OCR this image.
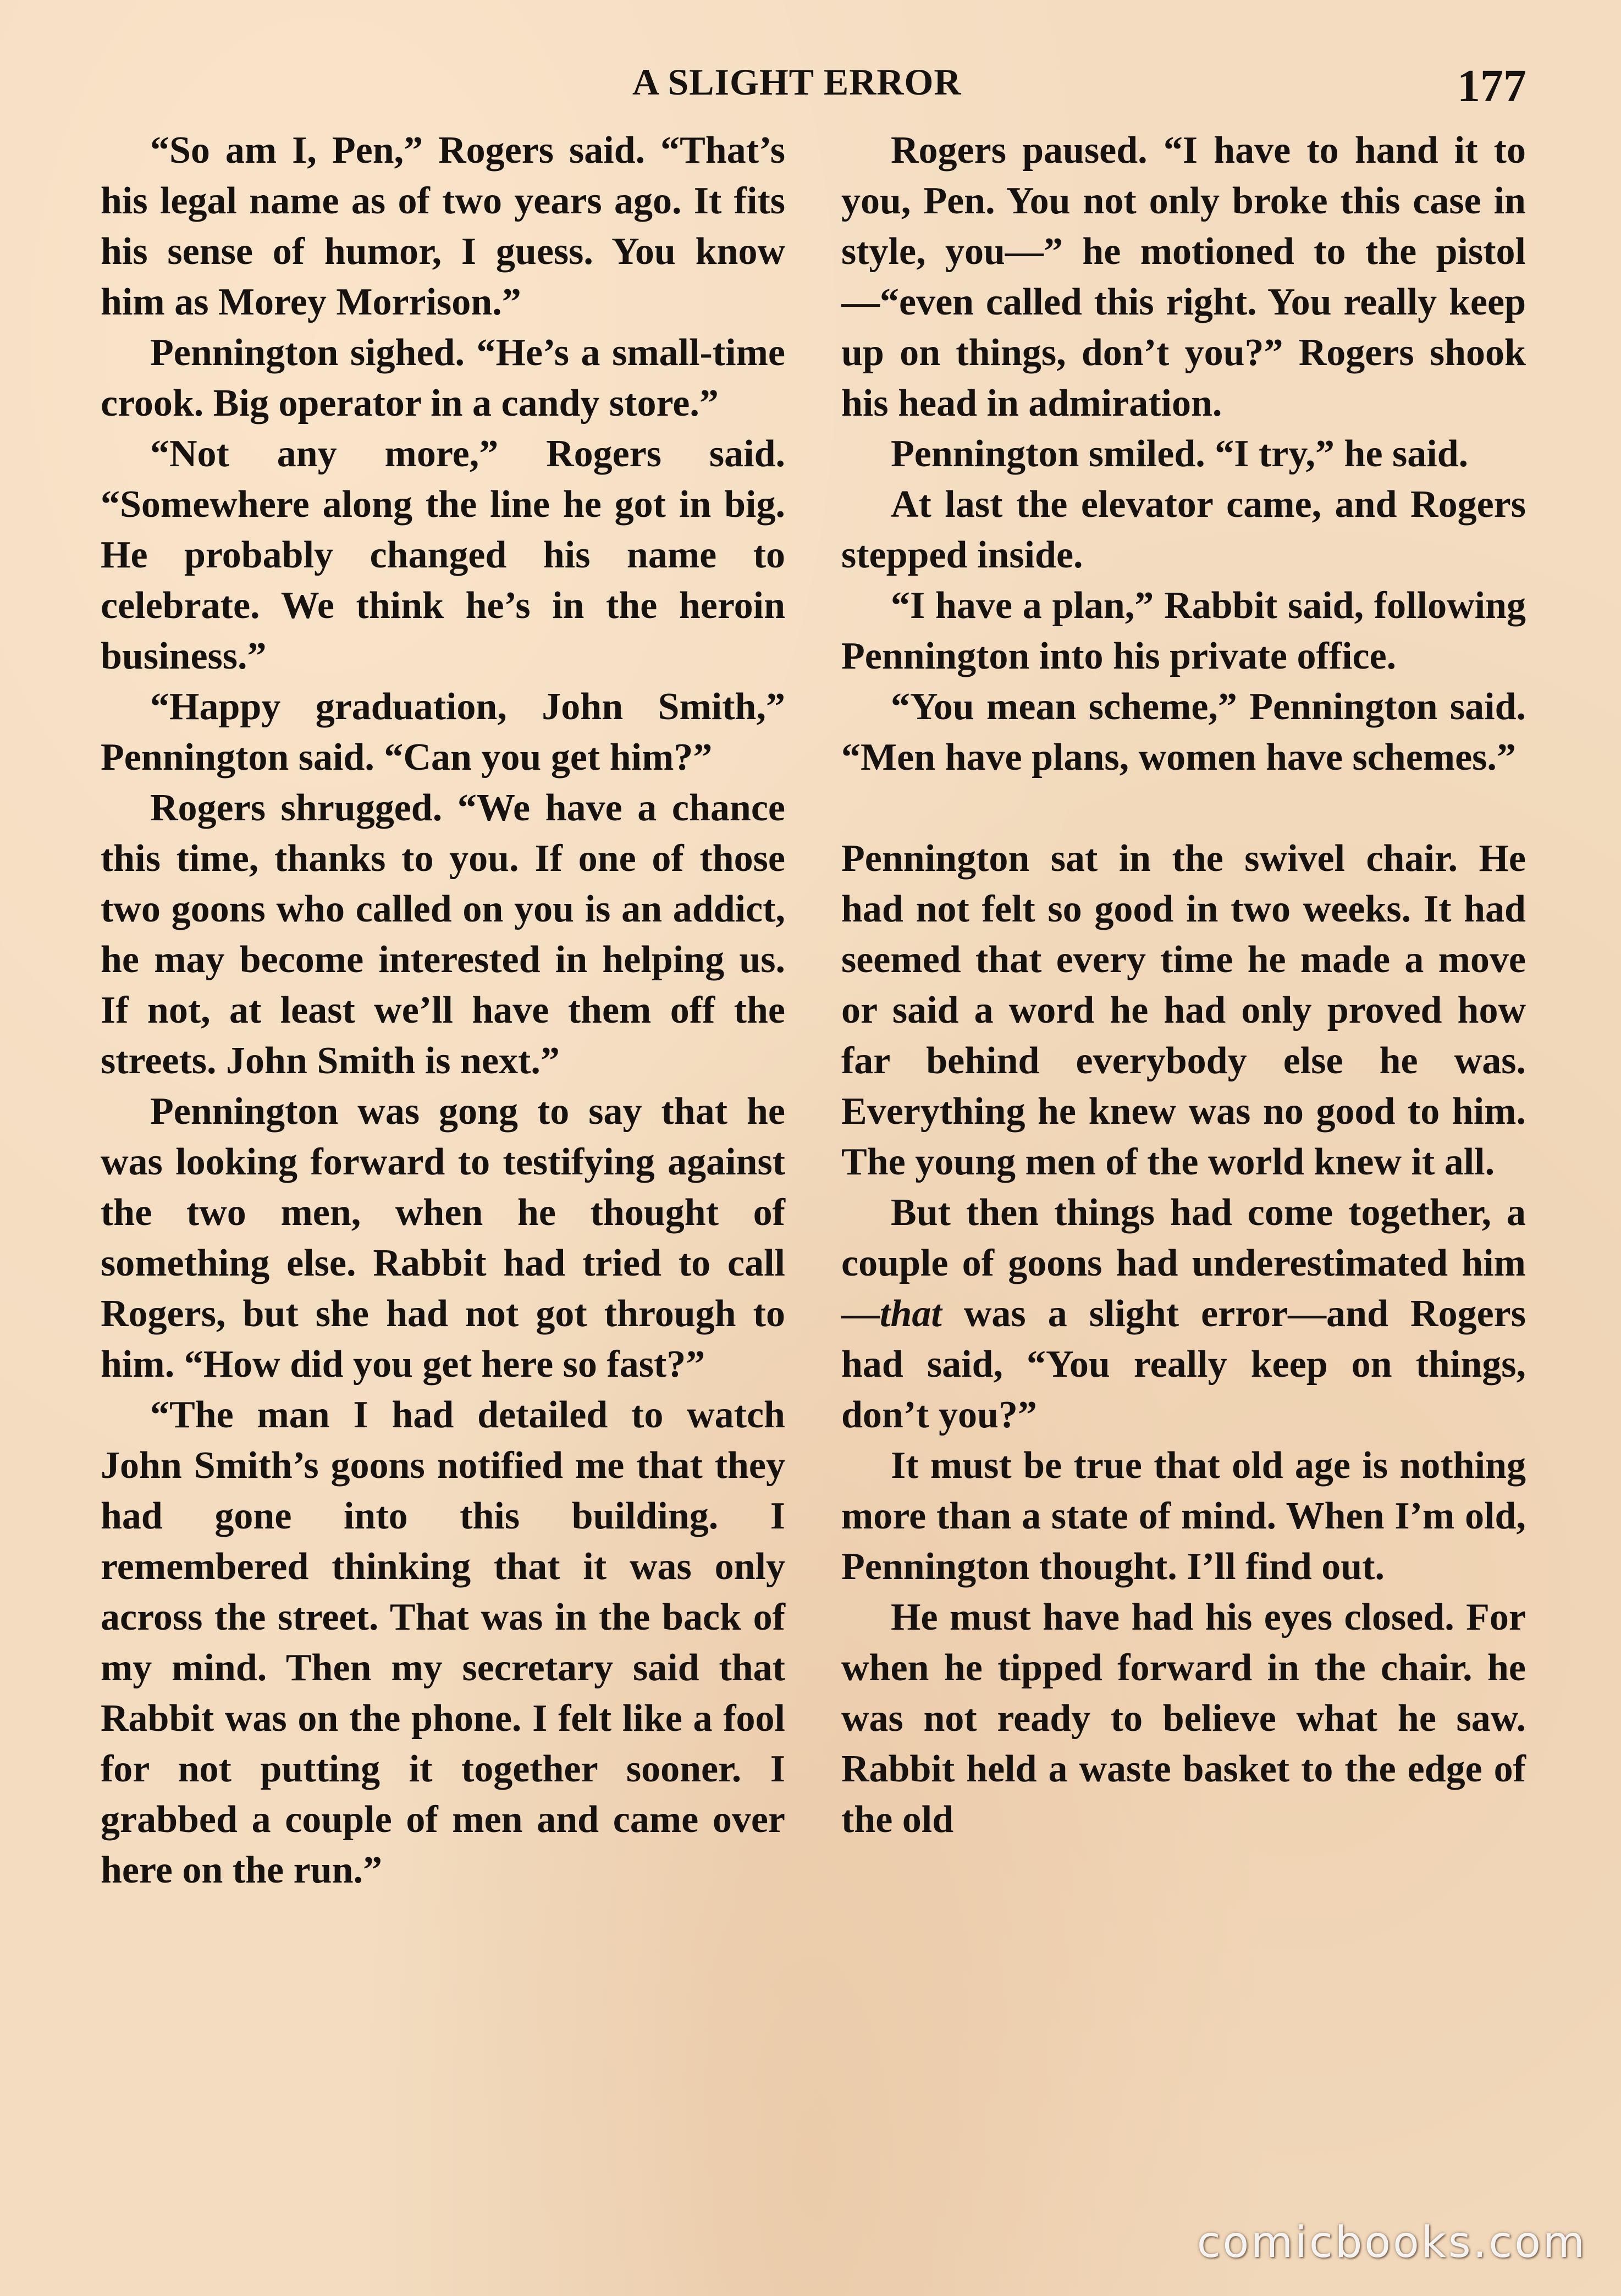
A SLIGHT ERROR	177

“So am I, Pen,” Rogers said. “That’s his legal name as of two years ago. It fits his sense of humor, I guess. You know him as Morey Morrison.”

Pennington sighed. “He’s a small-time crook. Big operator in a candy store.”

“Not any more,” Rogers said. “Somewhere along the line he got in big. He probably changed his name to celebrate. We think he’s in the heroin business.”

“Happy graduation, John Smith,” Pennington said. “Can you get him?”

Rogers shrugged. “We have a chance this time, thanks to you. If one of those two goons who called on you is an addict, he may become interested in helping us. If not, at least we’ll have them off the streets. John Smith is next.”

Pennington was gong to say that he was looking forward to testifying against the two men, when he thought of something else. Rabbit had tried to call Rogers, but she had not got through to him. “How did you get here so fast?”

“The man I had detailed to watch John Smith’s goons notified me that they had gone into this building. I remembered thinking that it was only across the street. That was in the back of my mind. Then my secretary said that Rabbit was on the phone. I felt like a fool for not putting it together sooner. I grabbed a couple of men and came over here on the run.”

Rogers paused. “I have to hand it to you, Pen. You not only broke this case in style, you—” he motioned to the pistol—“even called this right. You really keep up on things, don’t you?” Rogers shook his head in admiration.

Pennington smiled. “I try,” he said.

At last the elevator came, and Rogers stepped inside.

“I have a plan,” Rabbit said, following Pennington into his private office.

“You mean scheme,” Pennington said. “Men have plans, women have schemes.”

Pennington sat in the swivel chair. He had not felt so good in two weeks. It had seemed that every time he made a move or said a word he had only proved how far behind everybody else he was. Everything he knew was no good to him. The young men of the world knew it all.

But then things had come together, a couple of goons had underestimated him—that was a slight error—and Rogers had said, “You really keep on things, don’t you?”

It must be true that old age is nothing more than a state of mind. When I’m old, Pennington thought. I’ll find out.

He must have had his eyes closed. For when he tipped forward in the chair. he was not ready to believe what he saw. Rabbit held a waste basket to the edge of the old

comicbooks.com
